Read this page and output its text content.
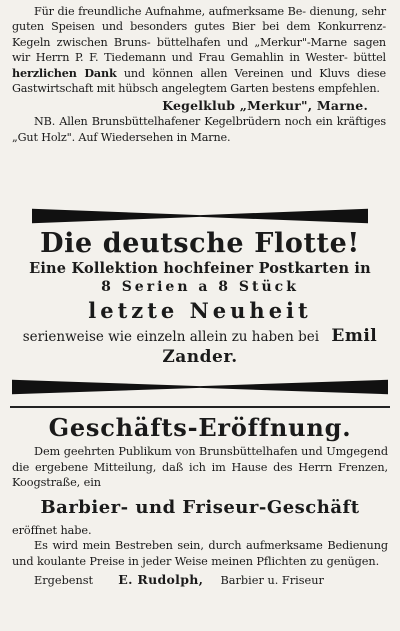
Für die freundliche Aufnahme, aufmerksame Be- dienung, sehr guten Speisen und besonders gutes Bier bei dem Konkurrenz-Kegeln zwischen Bruns- büttelhafen und „Merkur"-Marne sagen wir Herrn P. F. Tiedemann und Frau Gemahlin in Wester- büttel herzlichen Dank und können allen Vereinen und Kluvs diese Gastwirtschaft mit hübsch angelegtem Garten bestens empfehlen.

Kegelklub „Merkur", Marne.

NB. Allen Brunsbüttelhafener Kegelbrüdern noch ein kräftiges „Gut Holz". Auf Wiedersehen in Marne.

Die deutsche Flotte!

Eine Kollektion hochfeiner Postkarten in

8 Serien a 8 Stück

letzte Neuheit

serienweise wie einzeln allein zu haben bei Emil Zander.

Geschäfts-Eröffnung.

Dem geehrten Publikum von Brunsbüttelhafen und Umgegend die ergebene Mitteilung, daß ich im Hause des Herrn Frenzen, Koogstraße, ein

Barbier- und Friseur-Geschäft

eröffnet habe.

Es wird mein Bestreben sein, durch aufmerksame Bedienung und koulante Preise in jeder Weise meinen Pflichten zu genügen.

Ergebenst E. Rudolph, Barbier u. Friseur
